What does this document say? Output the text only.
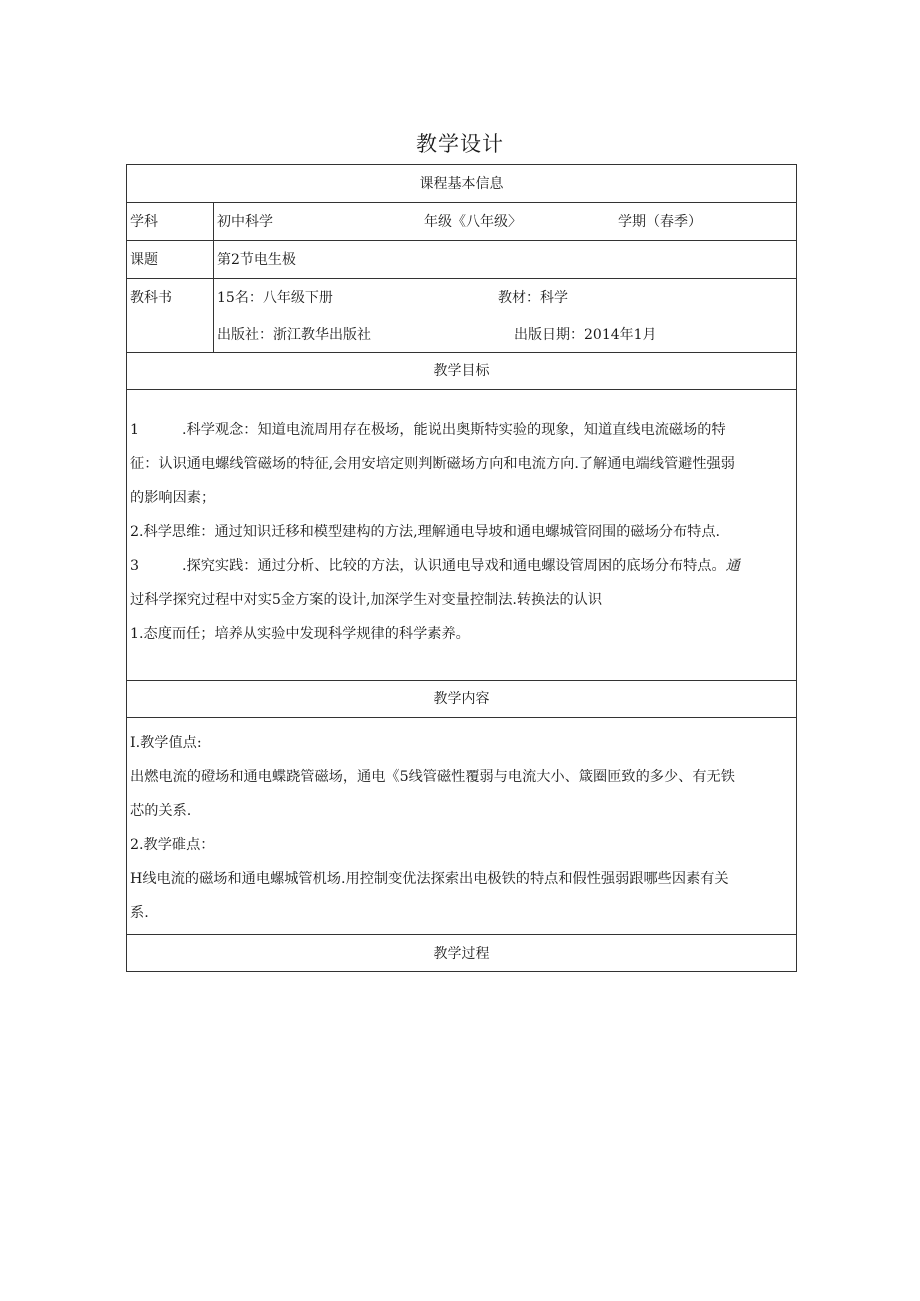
教学设计
课程基本信息
学科	初中科学	年级《八年级〉	学期（春季）
课题	第2节电生极
教科书	15名：八年级下册	教材：科学
出版社：浙江教华出版社	出版日期：2014年1月
教学目标

1	.科学观念：知道电流周用存在极场，能说出奥斯特实验的现象，知道直线电流磁场的特

征：认识通电螺线管磁场的特征,会用安培定则判断磁场方向和电流方向.了解通电端线管避性强弱

的影响因素；

2.科学思维：通过知识迁移和模型建构的方法,理解通电导坡和通电螺城管冏围的磁场分布特点.

3	.探究实践：通过分析、比较的方法，认识通电导戏和通电螺设管周困的底场分布特点。通

过科学探究过程中对实5金方案的设计,加深学生对变量控制法.转换法的认识

1.态度而任；培养从实验中发现科学规律的科学素养。

教学内容

I.教学值点:

出燃电流的磴场和通电蝶跷管磁场，通电《5线管磁性覆弱与电流大小、箴圈匝致的多少、有无铁

芯的关系.

2.教学碓点：

H线电流的磁场和通电螺城管机场.用控制变优法探索出电极铁的特点和假性强弱跟哪些因素有关

系.

教学过程
